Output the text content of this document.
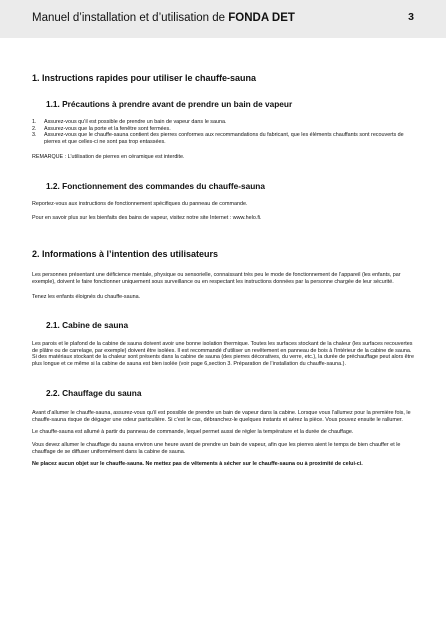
Manuel d’installation et d’utilisation de FONDA DET	3
1. Instructions rapides pour utiliser le chauffe-sauna
1.1. Précautions à prendre avant de prendre un bain de vapeur
1. Assurez-vous qu’il est possible de prendre un bain de vapeur dans le sauna.
2. Assurez-vous que la porte et la fenêtre sont fermées.
3. Assurez-vous que le chauffe-sauna contient des pierres conformes aux recommandations du fabricant, que les éléments chauffants sont recouverts de pierres et que celles-ci ne sont pas trop entassées.

REMARQUE : L’utilisation de pierres en céramique est interdite.

1.2. Fonctionnement des commandes du chauffe-sauna

Reportez-vous aux instructions de fonctionnement spécifiques du panneau de commande.

Pour en savoir plus sur les bienfaits des bains de vapeur, visitez notre site Internet : www.helo.fi.

2. Informations à l’intention des utilisateurs

Les personnes présentant une déficience mentale, physique ou sensorielle, connaissant très peu le mode de fonctionnement de l’appareil (les enfants, par exemple), doivent le faire fonctionner uniquement sous surveillance ou en respectant les instructions données par la personne chargée de leur sécurité.

Tenez les enfants éloignés du chauffe-sauna.

2.1. Cabine de sauna

Les parois et le plafond de la cabine de sauna doivent avoir une bonne isolation thermique. Toutes les surfaces stockant de la chaleur (les surfaces recouvertes de plâtre ou de carrelage, par exemple) doivent être isolées. Il est recommandé d’utiliser un revêtement en panneau de bois à l’intérieur de la cabine de sauna. Si des matériaux stockant de la chaleur sont présents dans la cabine de sauna (des pierres décoratives, du verre, etc.), la durée de préchauffage peut alors être plus longue et ce même si la cabine de sauna est bien isolée (voir page 6,section 3. Préparation de l’installation du chauffe-sauna.).

2.2. Chauffage du sauna

Avant d’allumer le chauffe-sauna, assurez-vous qu’il est possible de prendre un bain de vapeur dans la cabine. Lorsque vous l’allumez pour la première fois, le chauffe-sauna risque de dégager une odeur particulière. Si c’est le cas, débranchez-le quelques instants et aérez la pièce. Vous pouvez ensuite le rallumer.

Le chauffe-sauna est allumé à partir du panneau de commande, lequel permet aussi de régler la température et la durée de chauffage.

Vous devez allumer le chauffage du sauna environ une heure avant de prendre un bain de vapeur, afin que les pierres aient le temps de bien chauffer et le chauffage de se diffuser uniformément dans la cabine de sauna.

Ne placez aucun objet sur le chauffe-sauna. Ne mettez pas de vêtements à sécher sur le chauffe-sauna ou à proximité de celui-ci.
